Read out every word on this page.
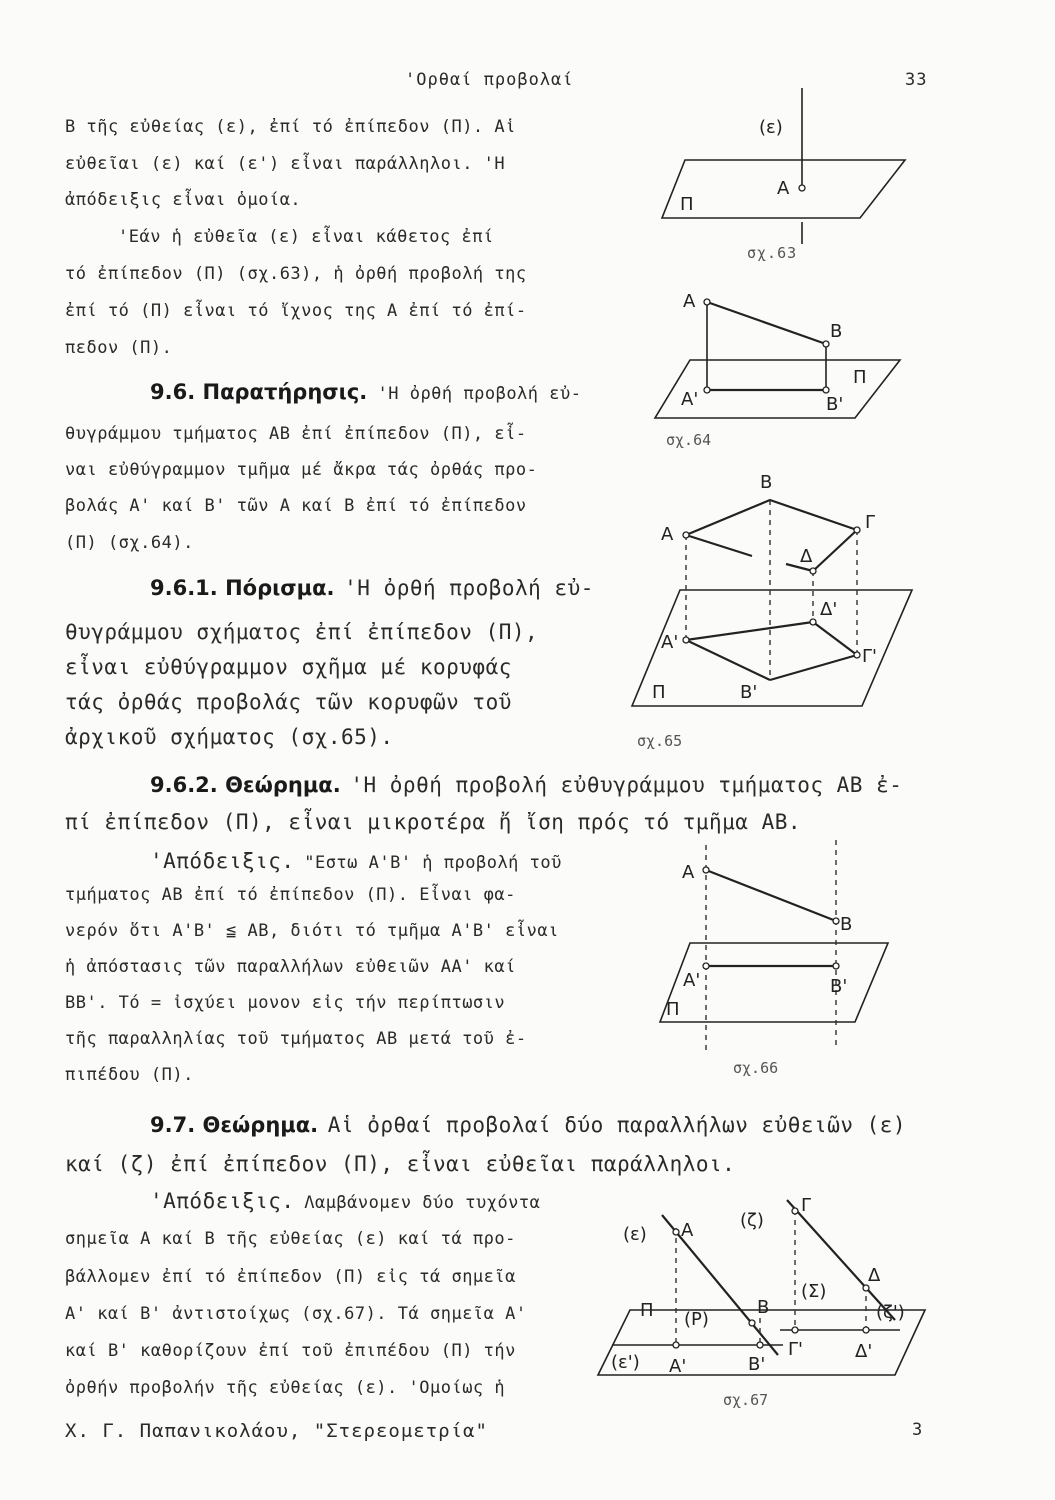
'Ορθαί προβολαί	33
Β τῆς εὐθείας (ε), ἐπί τό ἐπίπεδον (Π). Αἱ
εὐθεῖαι (ε) καί (ε') εἶναι παράλληλοι. 'Η
ἀπόδειξις εἶναι ὁμοία.
'Εάν ἡ εὐθεῖα (ε) εἶναι κάθετος ἐπί
τό ἐπίπεδον (Π) (σχ.63), ἡ ὀρθή προβολή της
ἐπί τό (Π) εἶναι τό ἴχνος της Α ἐπί τό ἐπί-
πεδον (Π).
9.6. Παρατήρησις. 'Η ὀρθή προβολή εὐ-
θυγράμμου τμήματος ΑΒ ἐπί ἐπίπεδον (Π), εἶ-
ναι εὐθύγραμμον τμῆμα μέ ἄκρα τάς ὀρθάς προ-
βολάς Α' καί Β' τῶν Α καί Β ἐπί τό ἐπίπεδον
(Π) (σχ.64).
9.6.1. Πόρισμα. 'Η ὀρθή προβολή εὐ-
θυγράμμου σχήματος ἐπί ἐπίπεδον (Π),
εἶναι εὐθύγραμμον σχῆμα μέ κορυφάς
τάς ὀρθάς προβολάς τῶν κορυφῶν τοῦ
ἀρχικοῦ σχήματος (σχ.65).
9.6.2. Θεώρημα. 'Η ὀρθή προβολή εὐθυγράμμου τμήματος ΑΒ ἐ-
πί ἐπίπεδον (Π), εἶναι μικροτέρα ἤ ἴση πρός τό τμῆμα ΑΒ.
'Απόδειξις. "Εστω Α'Β' ἡ προβολή τοῦ
τμήματος ΑΒ ἐπί τό ἐπίπεδον (Π). Εἶναι φα-
νερόν ὅτι Α'Β' ≦ ΑΒ, διότι τό τμῆμα Α'Β' εἶναι
ἡ ἀπόστασις τῶν παραλλήλων εὐθειῶν ΑΑ' καί
ΒΒ'. Τό = ἰσχύει μονον εἰς τήν περίπτωσιν
τῆς παραλληλίας τοῦ τμήματος ΑΒ μετά τοῦ ἐ-
πιπέδου (Π).
9.7. Θεώρημα. Αἱ ὀρθαί προβολαί δύο παραλλήλων εὐθειῶν (ε)
καί (ζ) ἐπί ἐπίπεδον (Π), εἶναι εὐθεῖαι παράλληλοι.
'Απόδειξις. Λαμβάνομεν δύο τυχόντα
σημεῖα Α καί Β τῆς εὐθείας (ε) καί τά προ-
βάλλομεν ἐπί τό ἐπίπεδον (Π) εἰς τά σημεῖα
Α' καί Β' ἀντιστοίχως (σχ.67). Τά σημεῖα Α'
καί Β' καθορίζουν ἐπί τοῦ ἐπιπέδου (Π) τήν
ὀρθήν προβολήν τῆς εὐθείας (ε). 'Ομοίως ἡ
Χ. Γ. Παπανικολάου, "Στερεομετρία"	3
(ε)
Α
Π
σχ.63
Α
Β
Α'	Β'
Π
σχ.64
Β
Α
Γ
Δ
Δ'
Α'
Γ'
Β'
Π
σχ.65
Α
Β
Α'	Β'
Π
σχ.66
(ε) Α	(ζ)
Γ
Δ
Β
Π (Ρ)
(Σ)
(ζ')
(ε') Α'	Β'
Γ'	Δ'
σχ.67
